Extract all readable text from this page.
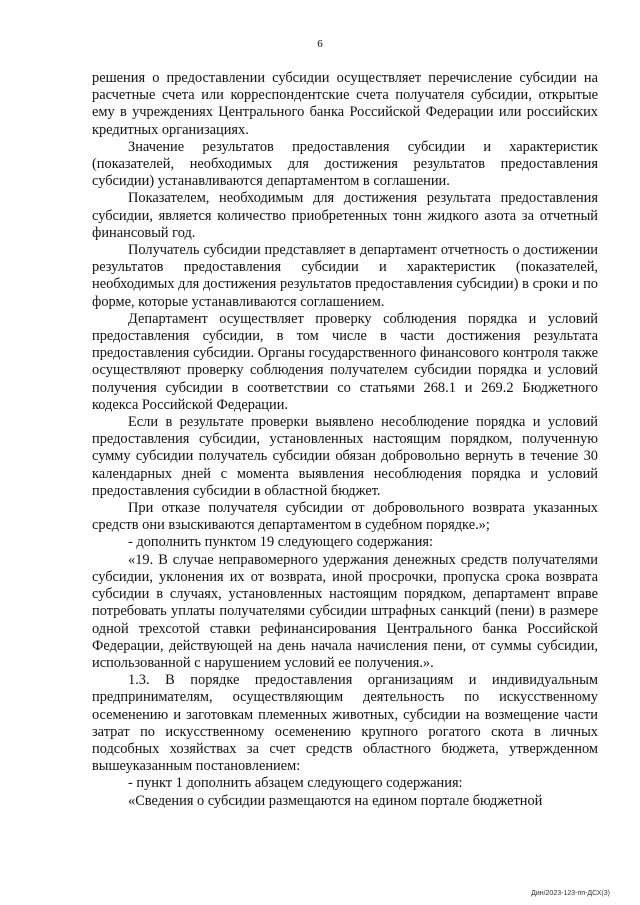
6

решения о предоставлении субсидии осуществляет перечисление субсидии на расчетные счета или корреспондентские счета получателя субсидии, открытые ему в учреждениях Центрального банка Российской Федерации или российских кредитных организациях.

Значение результатов предоставления субсидии и характеристик (показателей, необходимых для достижения результатов предоставления субсидии) устанавливаются департаментом в соглашении.

Показателем, необходимым для достижения результата предоставления субсидии, является количество приобретенных тонн жидкого азота за отчетный финансовый год.

Получатель субсидии представляет в департамент отчетность о достижении результатов предоставления субсидии и характеристик (показателей, необходимых для достижения результатов предоставления субсидии) в сроки и по форме, которые устанавливаются соглашением.

Департамент осуществляет проверку соблюдения порядка и условий предоставления субсидии, в том числе в части достижения результата предоставления субсидии. Органы государственного финансового контроля также осуществляют проверку соблюдения получателем субсидии порядка и условий получения субсидии в соответствии со статьями 268.1 и 269.2 Бюджетного кодекса Российской Федерации.

Если в результате проверки выявлено несоблюдение порядка и условий предоставления субсидии, установленных настоящим порядком, полученную сумму субсидии получатель субсидии обязан добровольно вернуть в течение 30 календарных дней с момента выявления несоблюдения порядка и условий предоставления субсидии в областной бюджет.

При отказе получателя субсидии от добровольного возврата указанных средств они взыскиваются департаментом в судебном порядке.»;

- дополнить пунктом 19 следующего содержания:

«19. В случае неправомерного удержания денежных средств получателями субсидии, уклонения их от возврата, иной просрочки, пропуска срока возврата субсидии в случаях, установленных настоящим порядком, департамент вправе потребовать уплаты получателями субсидии штрафных санкций (пени) в размере одной трехсотой ставки рефинансирования Центрального банка Российской Федерации, действующей на день начала начисления пени, от суммы субсидии, использованной с нарушением условий ее получения.».

1.3. В порядке предоставления организациям и индивидуальным предпринимателям, осуществляющим деятельность по искусственному осеменению и заготовкам племенных животных, субсидии на возмещение части затрат по искусственному осеменению крупного рогатого скота в личных подсобных хозяйствах за счет средств областного бюджета, утвержденном вышеуказанным постановлением:

- пункт 1 дополнить абзацем следующего содержания:

«Сведения о субсидии размещаются на едином портале бюджетной

Дин/2023-123-пп-ДСХ(3)
